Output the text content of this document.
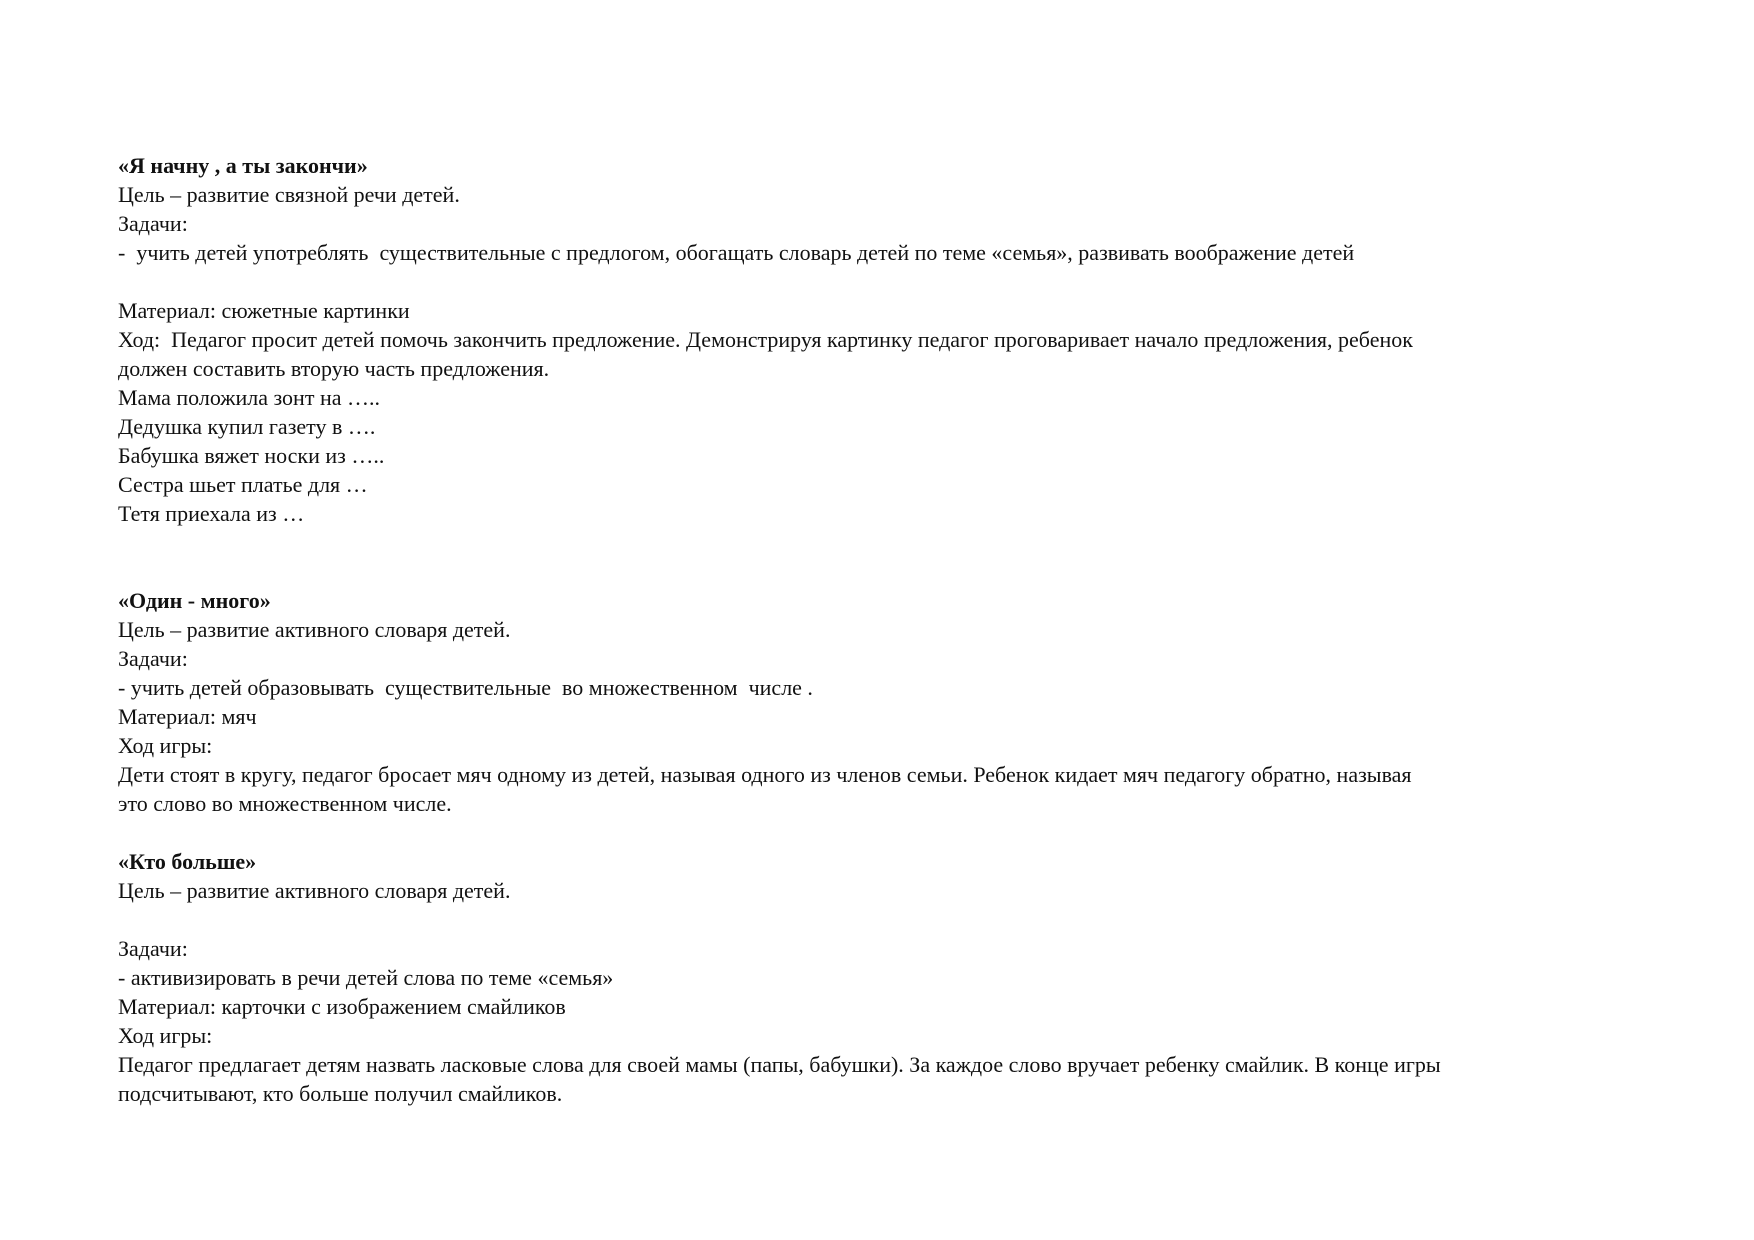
«Я начну , а ты закончи»
Цель – развитие связной речи детей.
Задачи:
-  учить детей употреблять  существительные с предлогом, обогащать словарь детей по теме «семья», развивать воображение детей
Материал: сюжетные картинки
Ход:  Педагог просит детей помочь закончить предложение. Демонстрируя картинку педагог проговаривает начало предложения, ребенок
должен составить вторую часть предложения.
Мама положила зонт на …..
Дедушка купил газету в ….
Бабушка вяжет носки из …..
Сестра шьет платье для …
Тетя приехала из …
«Один - много»
Цель – развитие активного словаря детей.
Задачи:
- учить детей образовывать  существительные  во множественном  числе .
Материал: мяч
Ход игры:
Дети стоят в кругу, педагог бросает мяч одному из детей, называя одного из членов семьи. Ребенок кидает мяч педагогу обратно, называя
это слово во множественном числе.
«Кто больше»
Цель – развитие активного словаря детей.
Задачи:
- активизировать в речи детей слова по теме «семья»
Материал: карточки с изображением смайликов
Ход игры:
Педагог предлагает детям назвать ласковые слова для своей мамы (папы, бабушки). За каждое слово вручает ребенку смайлик. В конце игры
подсчитывают, кто больше получил смайликов.
